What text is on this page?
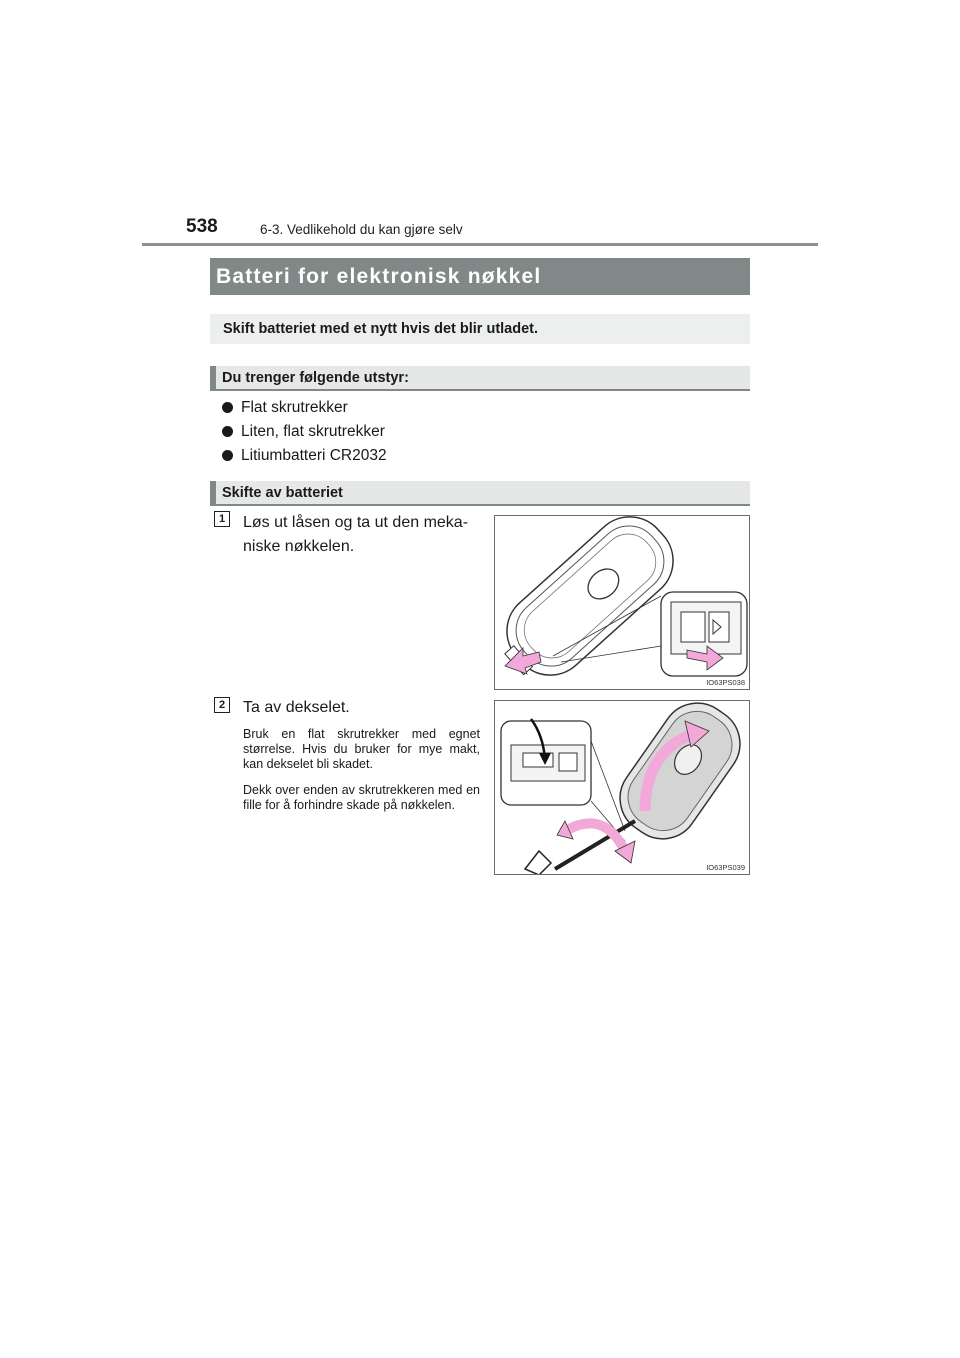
538	6-3. Vedlikehold du kan gjøre selv
Batteri for elektronisk nøkkel
Skift batteriet med et nytt hvis det blir utladet.
Du trenger følgende utstyr:
Flat skrutrekker
Liten, flat skrutrekker
Litiumbatteri CR2032
Skifte av batteriet
1	Løs ut låsen og ta ut den meka- niske nøkkelen.
IO63PS038
2	Ta av dekselet.

Bruk en flat skrutrekker med egnet størrelse. Hvis du bruker for mye makt, kan dekselet bli skadet.

Dekk over enden av skrutrekkeren med en fille for å forhindre skade på nøkkelen.

IO63PS039
